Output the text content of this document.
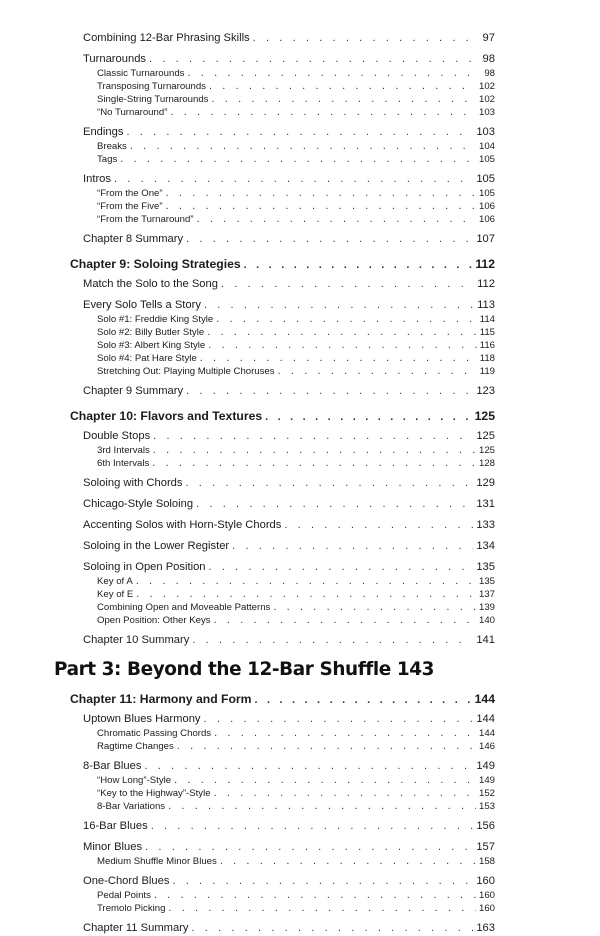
Combining 12-Bar Phrasing Skills . . .	97
Turnarounds . . .	98
Classic Turnarounds . . .	98
Transposing Turnarounds . . .	102
Single-String Turnarounds . . .	102
“No Turnaround” . . .	103
Endings . . .	103
Breaks . . .	104
Tags . . .	105
Intros . . .	105
“From the One” . . .	105
“From the Five” . . .	106
“From the Turnaround” . . .	106
Chapter 8 Summary . . .	107
Chapter 9: Soloing Strategies . . .	112
Match the Solo to the Song . . .	112
Every Solo Tells a Story . . .	113
Solo #1: Freddie King Style . . .	114
Solo #2: Billy Butler Style . . .	115
Solo #3: Albert King Style . . .	116
Solo #4: Pat Hare Style . . .	118
Stretching Out: Playing Multiple Choruses . . .	119
Chapter 9 Summary . . .	123
Chapter 10: Flavors and Textures . . .	125
Double Stops . . .	125
3rd Intervals . . .	125
6th Intervals . . .	128
Soloing with Chords . . .	129
Chicago-Style Soloing . . .	131
Accenting Solos with Horn-Style Chords . . .	133
Soloing in the Lower Register . . .	134
Soloing in Open Position . . .	135
Key of A . . .	135
Key of E . . .	137
Combining Open and Moveable Patterns . . .	139
Open Position: Other Keys . . .	140
Chapter 10 Summary . . .	141
Part 3: Beyond the 12-Bar Shuffle 143
Chapter 11: Harmony and Form . . .	144
Uptown Blues Harmony . . .	144
Chromatic Passing Chords . . .	144
Ragtime Changes . . .	146
8-Bar Blues . . .	149
“How Long”-Style . . .	149
“Key to the Highway”-Style . . .	152
8-Bar Variations . . .	153
16-Bar Blues . . .	156
Minor Blues . . .	157
Medium Shuffle Minor Blues . . .	158
One-Chord Blues . . .	160
Pedal Points . . .	160
Tremolo Picking . . .	160
Chapter 11 Summary . . .	163
